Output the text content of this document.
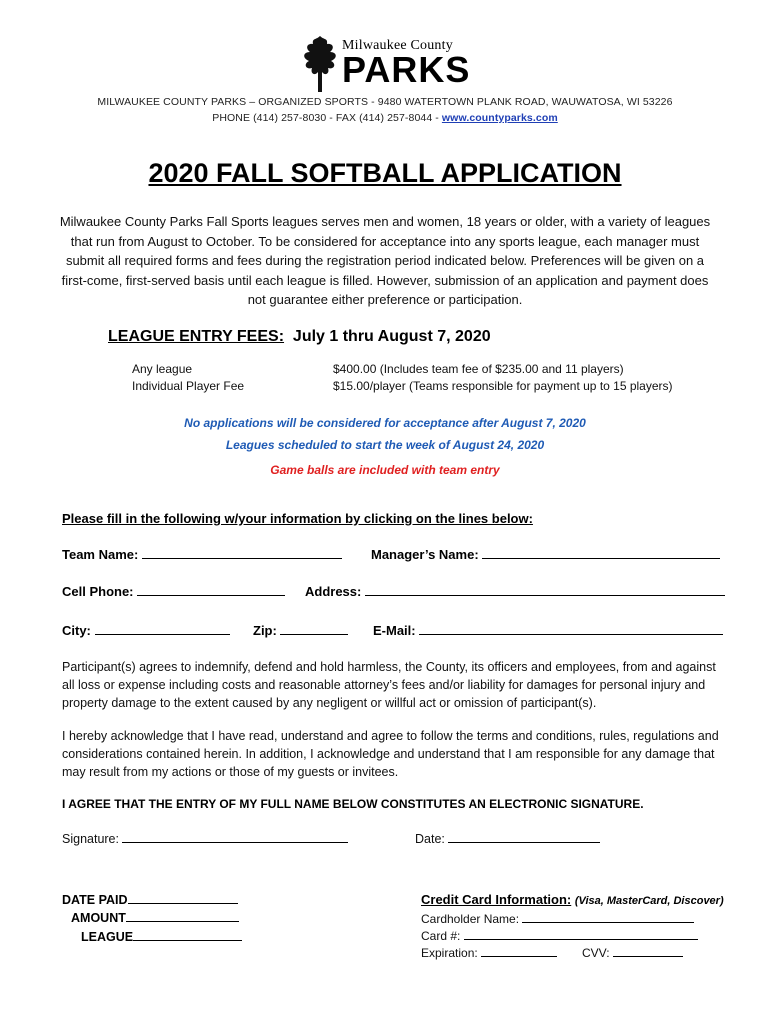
Milwaukee County
PARKS
MILWAUKEE COUNTY PARKS – ORGANIZED SPORTS - 9480 WATERTOWN PLANK ROAD, WAUWATOSA, WI 53226
PHONE (414) 257-8030 - FAX (414) 257-8044 - www.countyparks.com
2020 FALL SOFTBALL APPLICATION
Milwaukee County Parks Fall Sports leagues serves men and women, 18 years or older, with a variety of leagues that run from August to October. To be considered for acceptance into any sports league, each manager must submit all required forms and fees during the registration period indicated below. Preferences will be given on a first-come, first-served basis until each league is filled. However, submission of an application and payment does not guarantee either preference or participation.
LEAGUE ENTRY FEES: July 1 thru August 7, 2020
Any league	$400.00 (Includes team fee of $235.00 and 11 players)
Individual Player Fee	$15.00/player (Teams responsible for payment up to 15 players)
No applications will be considered for acceptance after August 7, 2020
Leagues scheduled to start the week of August 24, 2020
Game balls are included with team entry
Please fill in the following w/your information by clicking on the lines below:
Team Name:	Manager’s Name:
Cell Phone:	Address:
City:	Zip:	E-Mail:
Participant(s) agrees to indemnify, defend and hold harmless, the County, its officers and employees, from and against all loss or expense including costs and reasonable attorney’s fees and/or liability for damages for personal injury and property damage to the extent caused by any negligent or willful act or omission of participant(s).
I hereby acknowledge that I have read, understand and agree to follow the terms and conditions, rules, regulations and considerations contained herein. In addition, I acknowledge and understand that I am responsible for any damage that may result from my actions or those of my guests or invitees.
I AGREE THAT THE ENTRY OF MY FULL NAME BELOW CONSTITUTES AN ELECTRONIC SIGNATURE.
Signature:	Date:
DATE PAID
AMOUNT
LEAGUE
Credit Card Information: (Visa, MasterCard, Discover)
Cardholder Name:
Card #:
Expiration:	CVV:
